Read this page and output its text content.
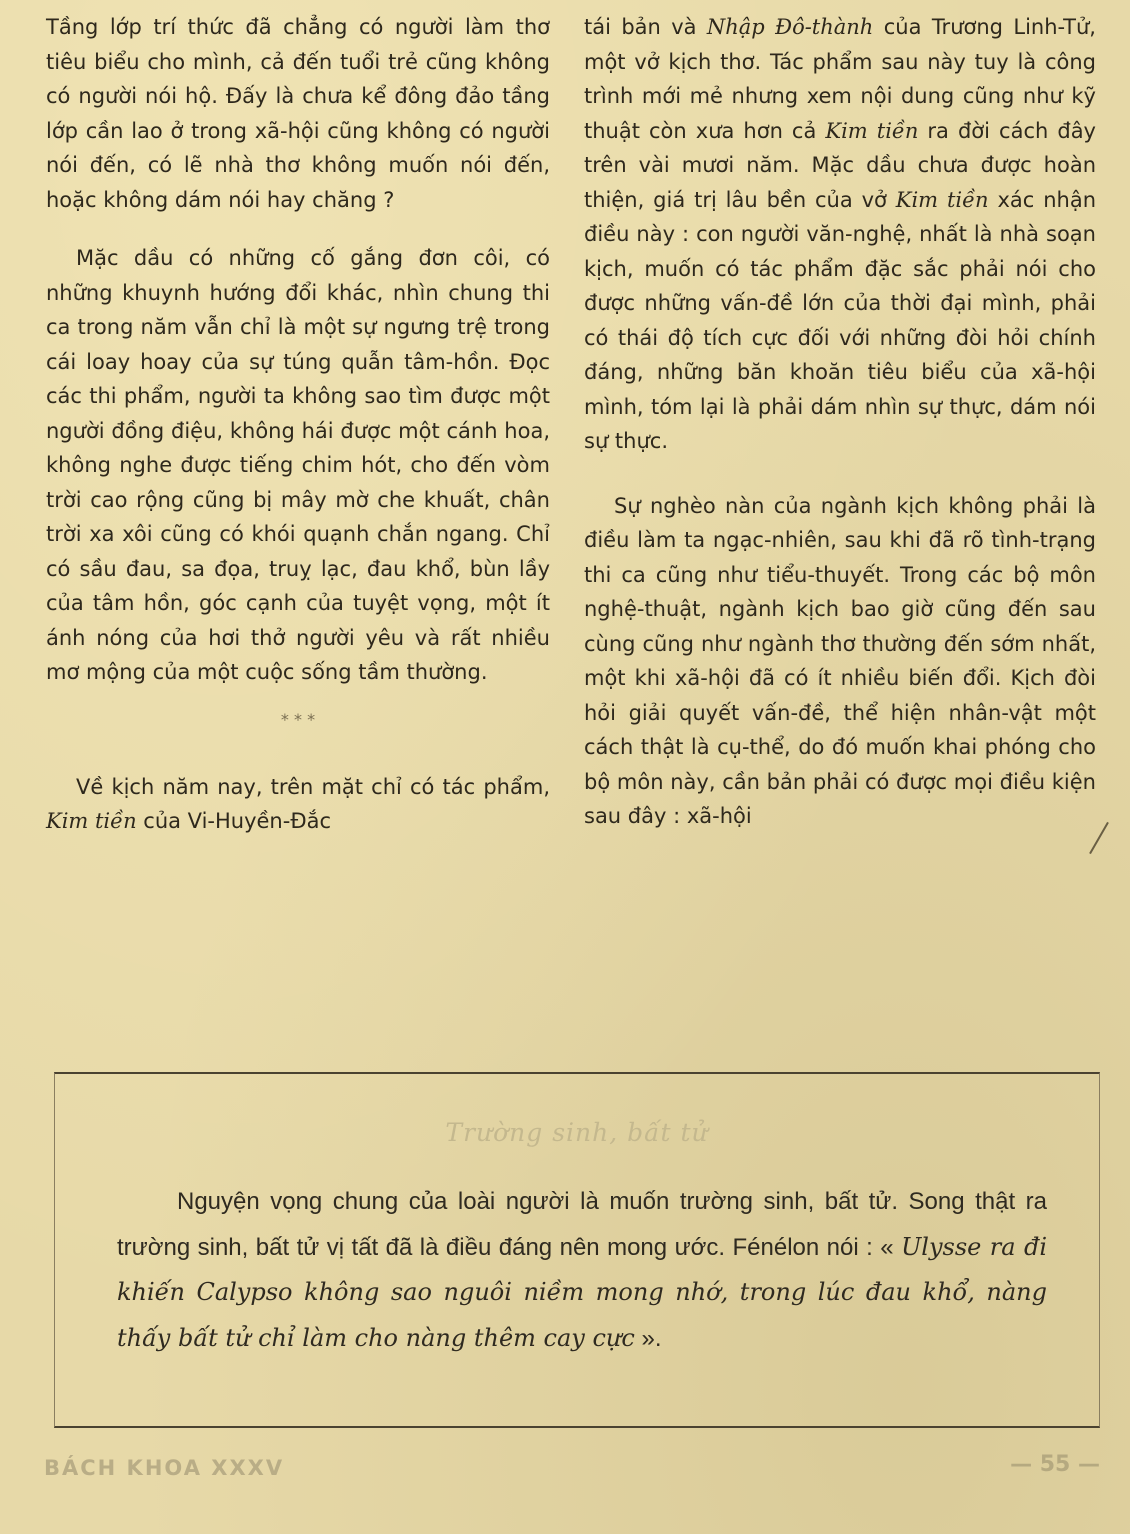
Tầng lớp trí thức đã chẳng có người làm thơ tiêu biểu cho mình, cả đến tuổi trẻ cũng không có người nói hộ. Đấy là chưa kể đông đảo tầng lớp cần lao ở trong xã-hội cũng không có người nói đến, có lẽ nhà thơ không muốn nói đến, hoặc không dám nói hay chăng ?

Mặc dầu có những cố gắng đơn côi, có những khuynh hướng đổi khác, nhìn chung thi ca trong năm vẫn chỉ là một sự ngưng trệ trong cái loay hoay của sự túng quẫn tâm-hồn. Đọc các thi phẩm, người ta không sao tìm được một người đồng điệu, không hái được một cánh hoa, không nghe được tiếng chim hót, cho đến vòm trời cao rộng cũng bị mây mờ che khuất, chân trời xa xôi cũng có khói quạnh chắn ngang. Chỉ có sầu đau, sa đọa, truỵ lạc, đau khổ, bùn lầy của tâm hồn, góc cạnh của tuyệt vọng, một ít ánh nóng của hơi thở người yêu và rất nhiều mơ mộng của một cuộc sống tầm thường.

* * *

Về kịch năm nay, trên mặt chỉ có tác phẩm, Kim tiền của Vi-Huyền-Đắc

tái bản và Nhập Đô-thành của Trương Linh-Tử, một vở kịch thơ. Tác phẩm sau này tuy là công trình mới mẻ nhưng xem nội dung cũng như kỹ thuật còn xưa hơn cả Kim tiền ra đời cách đây trên vài mươi năm. Mặc dầu chưa được hoàn thiện, giá trị lâu bền của vở Kim tiền xác nhận điều này : con người văn-nghệ, nhất là nhà soạn kịch, muốn có tác phẩm đặc sắc phải nói cho được những vấn-đề lớn của thời đại mình, phải có thái độ tích cực đối với những đòi hỏi chính đáng, những băn khoăn tiêu biểu của xã-hội mình, tóm lại là phải dám nhìn sự thực, dám nói sự thực.

Sự nghèo nàn của ngành kịch không phải là điều làm ta ngạc-nhiên, sau khi đã rõ tình-trạng thi ca cũng như tiểu-thuyết. Trong các bộ môn nghệ-thuật, ngành kịch bao giờ cũng đến sau cùng cũng như ngành thơ thường đến sớm nhất, một khi xã-hội đã có ít nhiều biến đổi. Kịch đòi hỏi giải quyết vấn-đề, thể hiện nhân-vật một cách thật là cụ-thể, do đó muốn khai phóng cho bộ môn này, cần bản phải có được mọi điều kiện sau đây : xã-hội

Trường sinh, bất tử
Nguyện vọng chung của loài người là muốn trường sinh, bất tử. Song thật ra trường sinh, bất tử vị tất đã là điều đáng nên mong ước. Fénélon nói : « Ulysse ra đi khiến Calypso không sao nguôi niềm mong nhớ, trong lúc đau khổ, nàng thấy bất tử chỉ làm cho nàng thêm cay cực ».
BÁCH KHOA XXXV	— 55 —
